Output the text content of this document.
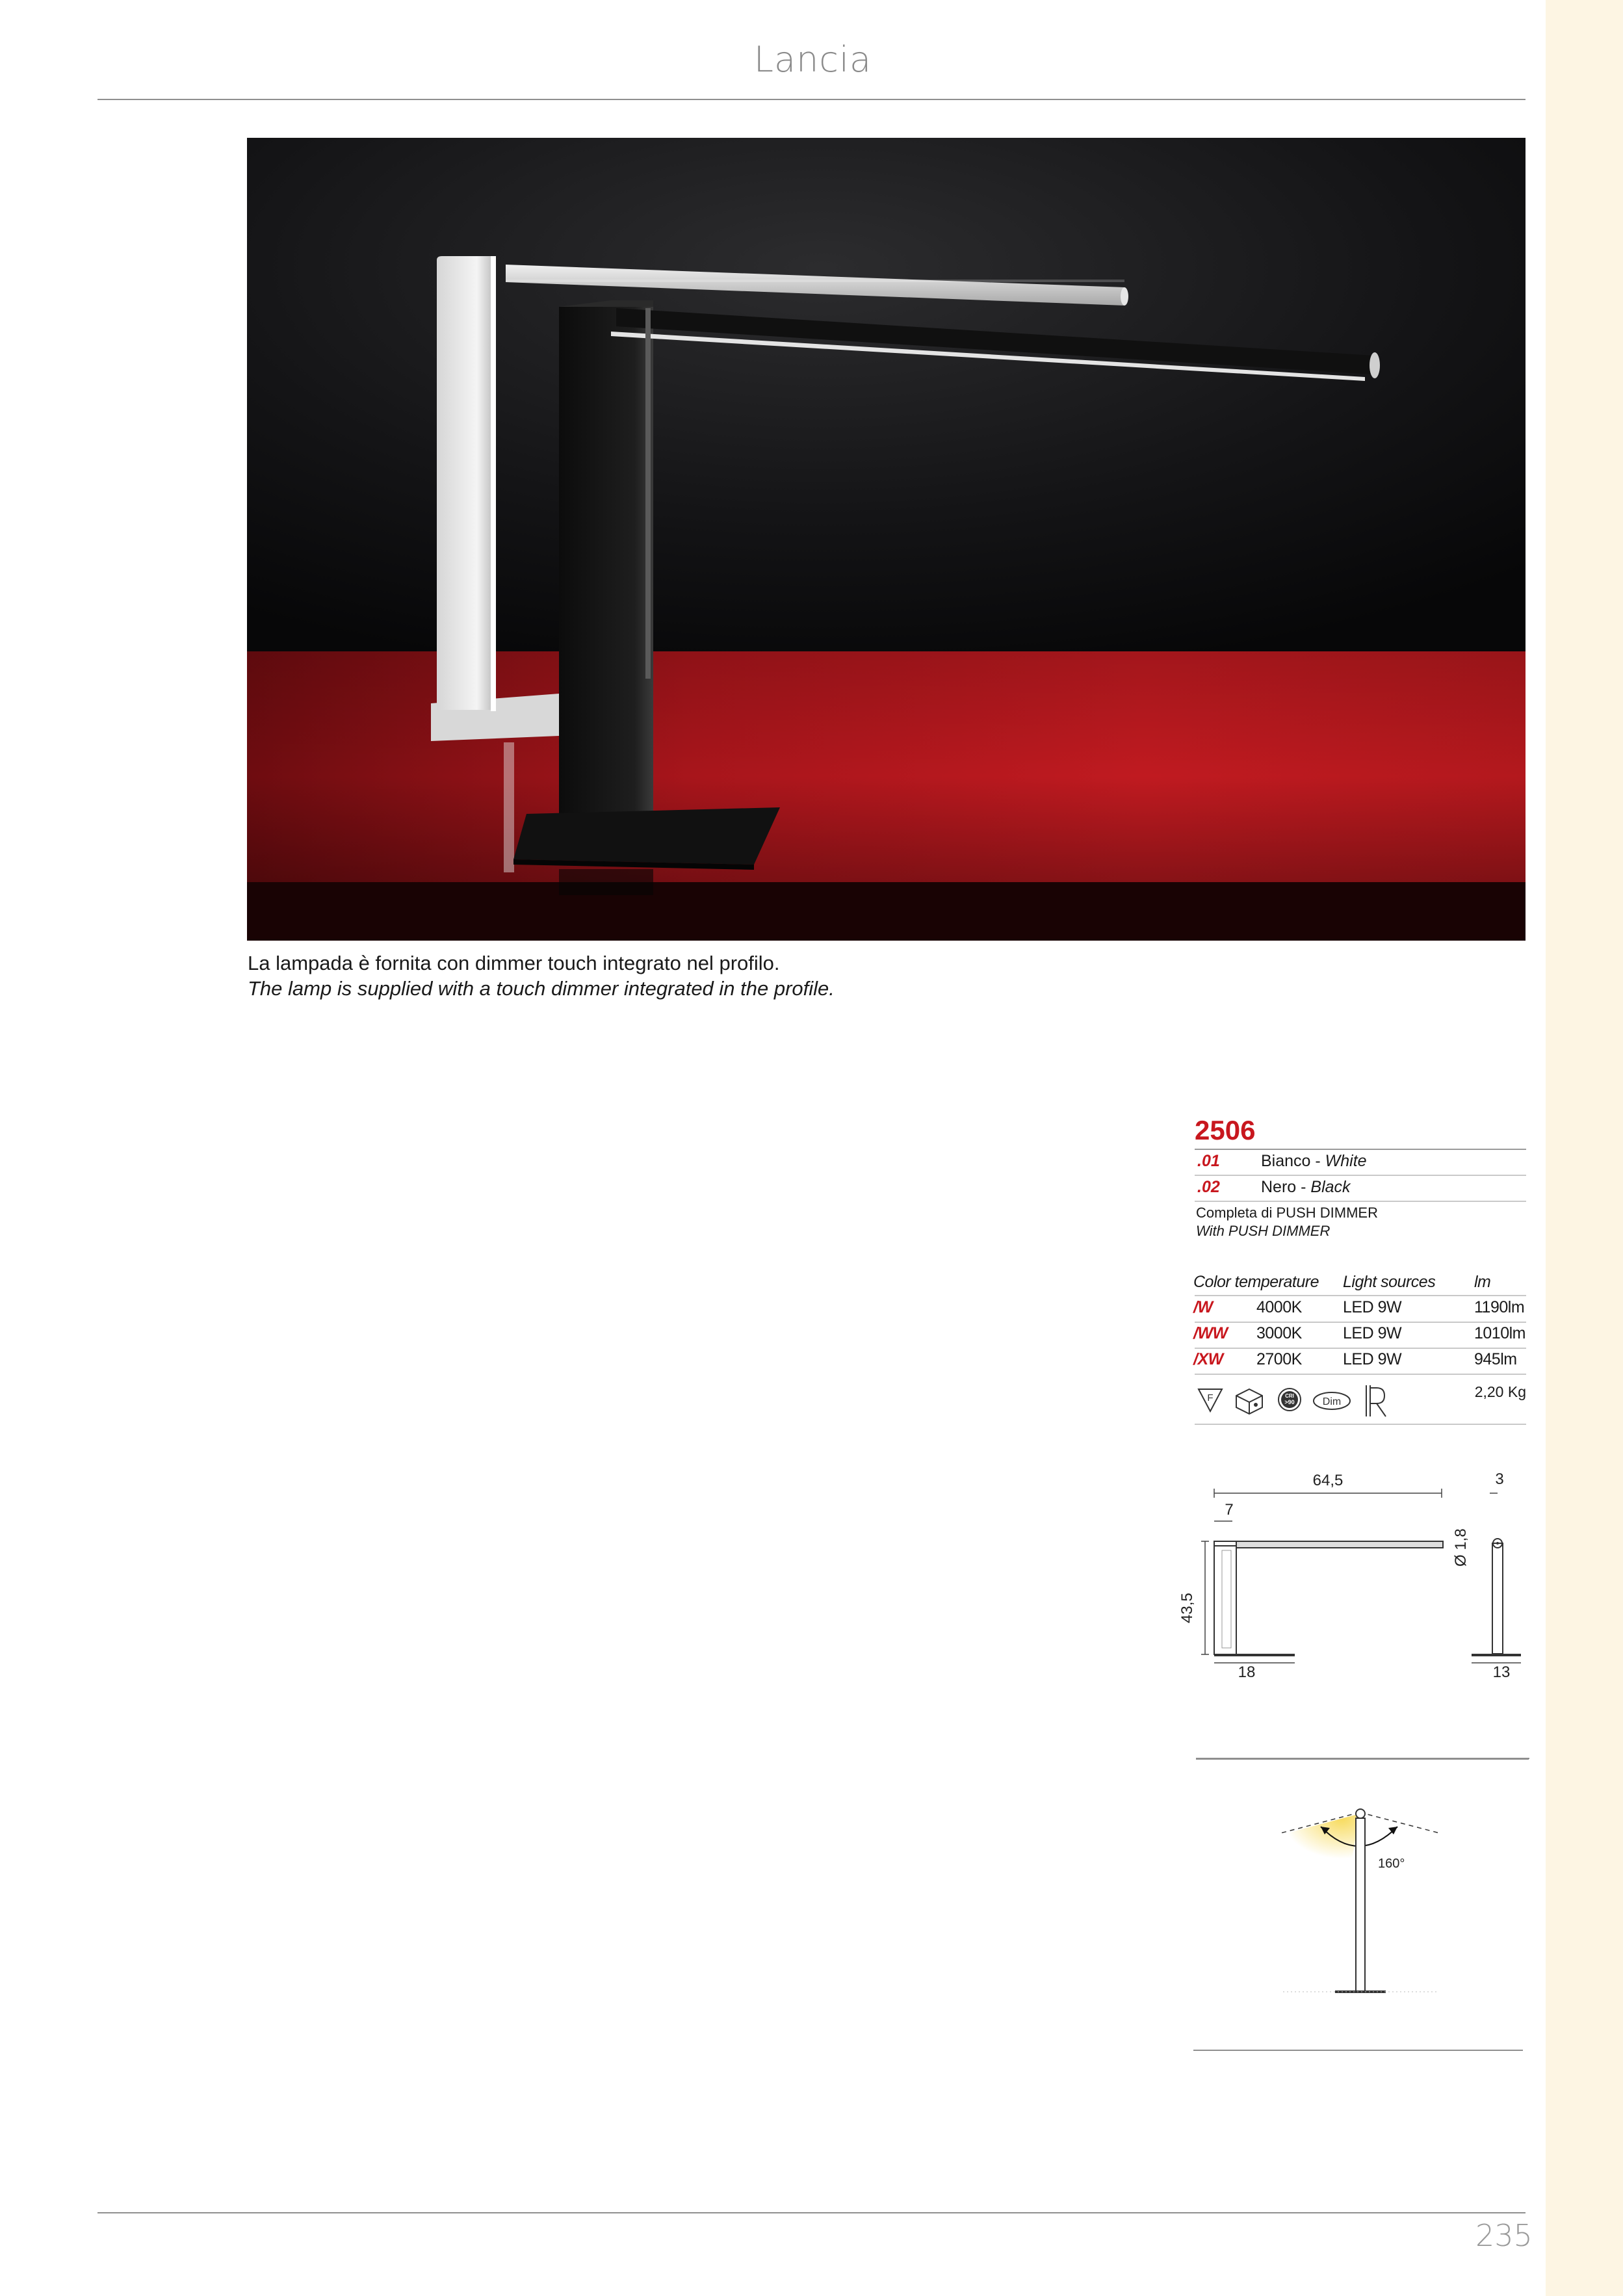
Lancia
La lampada è fornita con dimmer touch integrato nel profilo.
The lamp is supplied with a touch dimmer integrated in the profile.
2506
.01	Bianco - White
.02	Nero - Black
Completa di PUSH DIMMER
With PUSH DIMMER
Color temperature Light sources lm
/W	4000K	LED 9W	1190lm
/WW 3000K	LED 9W	1010lm
/XW 2700K	LED 9W	945lm
F	CRI
>90	Dim
2,20 Kg
64,5	3
7
43,5
18
Ø 1,8
13
160°
235
